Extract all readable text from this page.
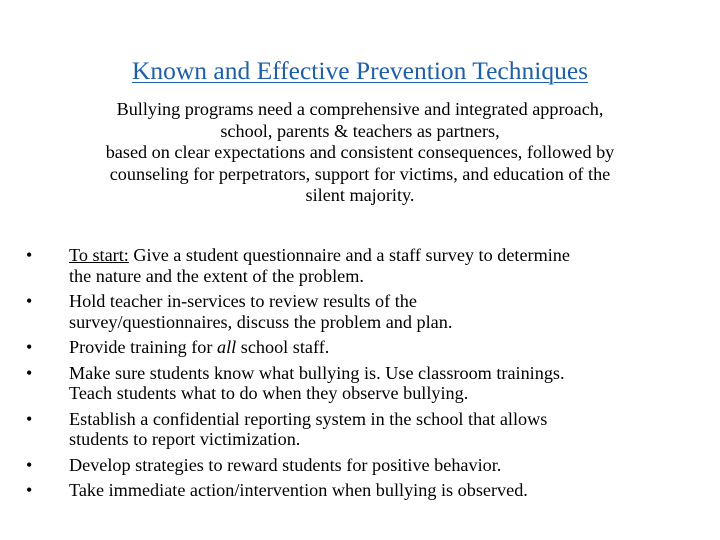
Known and Effective Prevention Techniques
Bullying programs need a comprehensive and integrated approach,
school, parents & teachers as partners,
based on clear expectations and consistent consequences, followed by
counseling for perpetrators, support for victims, and education of the
silent majority.
• To start: Give a student questionnaire and a staff survey to determine
the nature and the extent of the problem.
• Hold teacher in-services to review results of the
survey/questionnaires, discuss the problem and plan.
• Provide training for all school staff.
• Make sure students know what bullying is. Use classroom trainings.
Teach students what to do when they observe bullying.
• Establish a confidential reporting system in the school that allows
students to report victimization.
• Develop strategies to reward students for positive behavior.
• Take immediate action/intervention when bullying is observed.
